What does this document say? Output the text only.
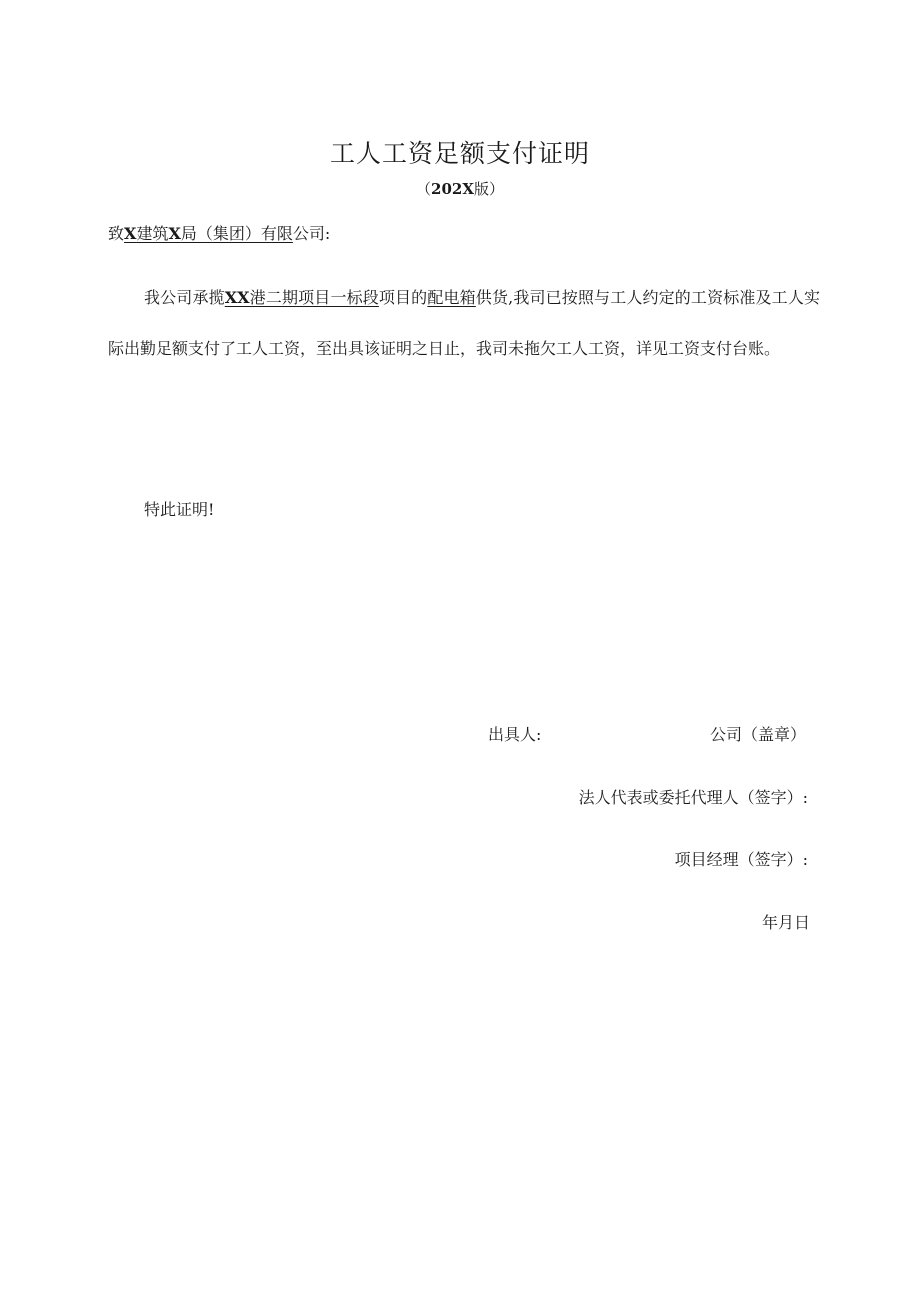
工人工资足额支付证明
（202X版）
致X建筑X局（集团）有限公司:

我公司承揽XX港二期项目一标段项目的配电箱供货,我司已按照与工人约定的工资标准及工人实际出勤足额支付了工人工资，至出具该证明之日止，我司未拖欠工人工资，详见工资支付台账。

特此证明!
出具人:	公司（盖章）
法人代表或委托代理人（签字）:
项目经理（签字）:
年月日
